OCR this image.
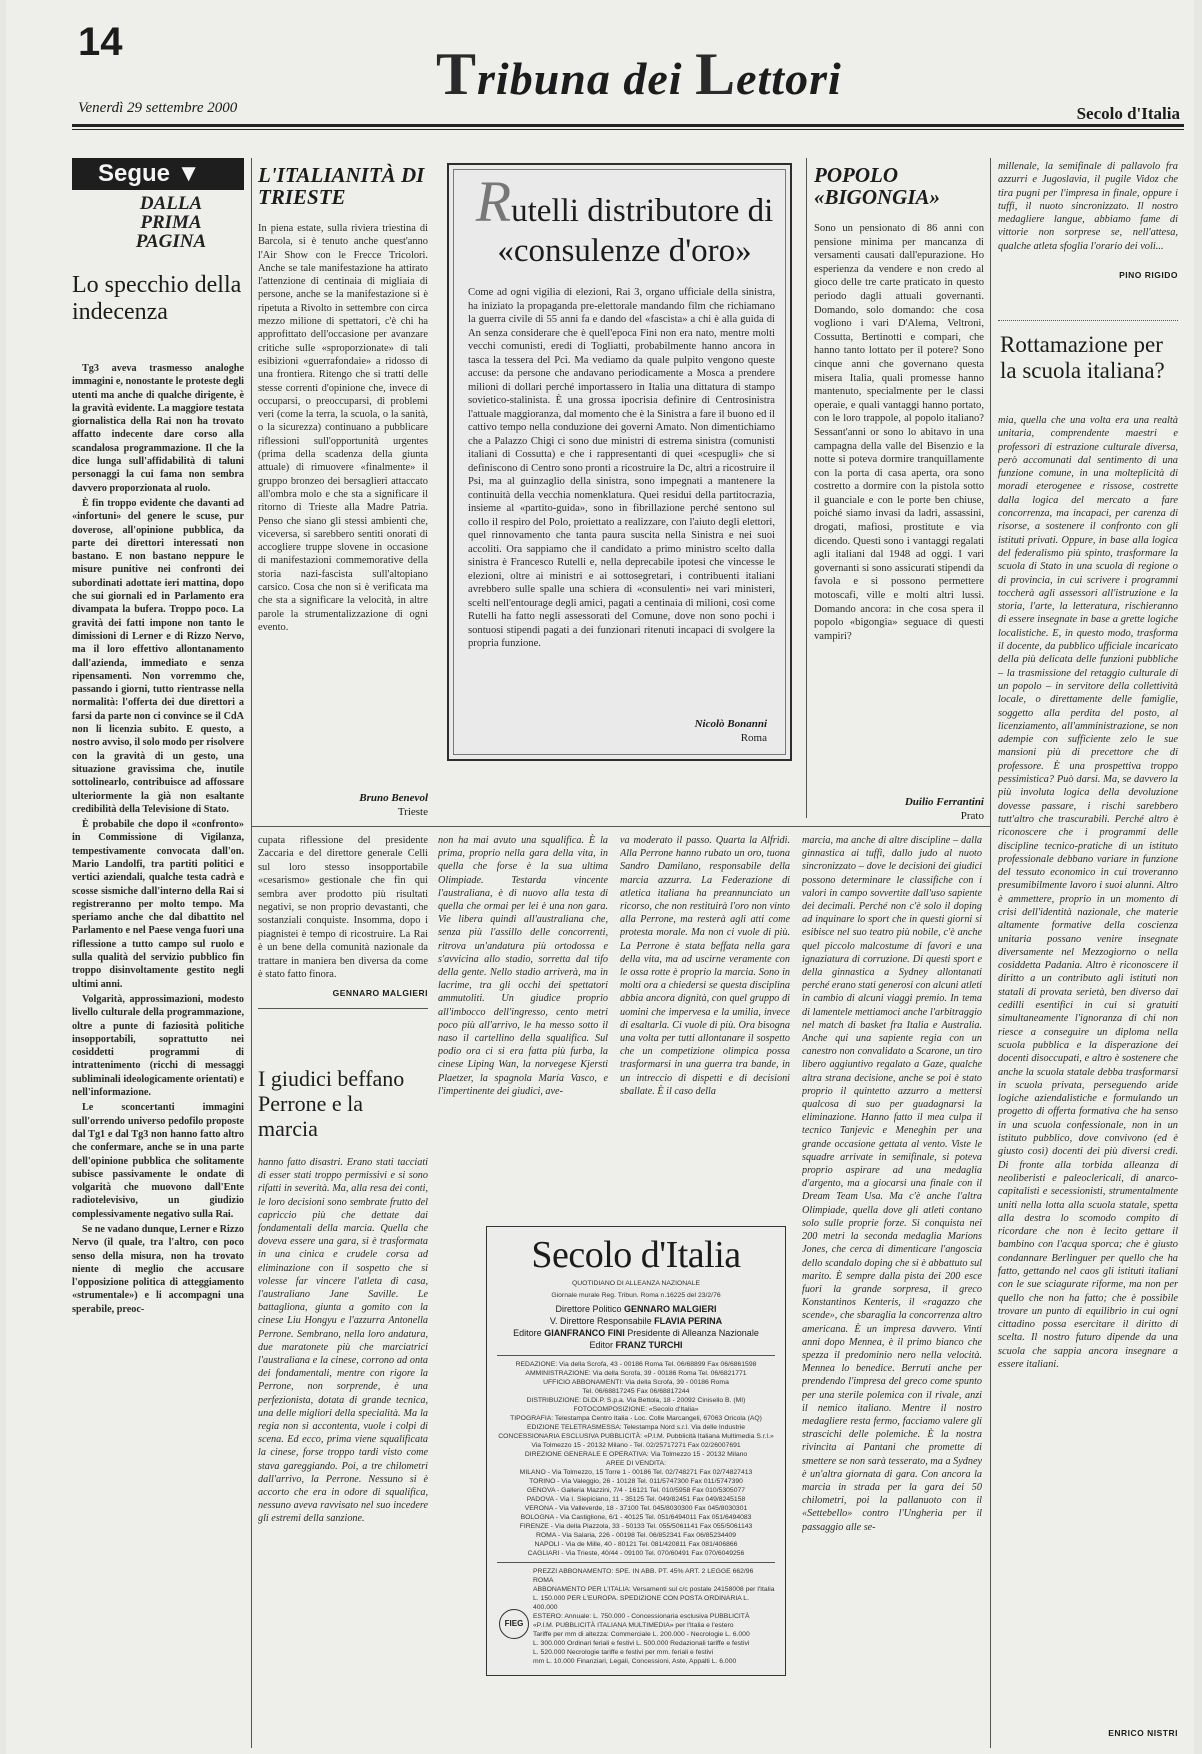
14	Tribuna dei Lettori
Venerdì 29 settembre 2000	Secolo d'Italia
Segue ▼
DALLA PRIMA PAGINA
Lo specchio della indecenza

Tg3 aveva trasmesso analoghe immagini e, nonostante le proteste degli utenti ma anche di qualche dirigente, è la gravità evidente. La maggiore testata giornalistica della Rai non ha trovato affatto indecente dare corso alla scandalosa programmazione. Il che la dice lunga sull'affidabilità di taluni personaggi la cui fama non sembra davvero proporzionata al ruolo.

È fin troppo evidente che davanti ad «infortuni» del genere le scuse, pur doverose, all'opinione pubblica, da parte dei direttori interessati non bastano. E non bastano neppure le misure punitive nei confronti dei subordinati adottate ieri mattina, dopo che sui giornali ed in Parlamento era divampata la bufera. Troppo poco. La gravità dei fatti impone non tanto le dimissioni di Lerner e di Rizzo Nervo, ma il loro effettivo allontanamento dall'azienda, immediato e senza ripensamenti. Non vorremmo che, passando i giorni, tutto rientrasse nella normalità: l'offerta dei due direttori a farsi da parte non ci convince se il CdA non li licenzia subito. E questo, a nostro avviso, il solo modo per risolvere con la gravità di un gesto, una situazione gravissima che, inutile sottolinearlo, contribuisce ad affossare ulteriormente la già non esaltante credibilità della Televisione di Stato.

È probabile che dopo il «confronto» in Commissione di Vigilanza, tempestivamente convocata dall'on. Mario Landolfi, tra partiti politici e vertici aziendali, qualche testa cadrà e scosse sismiche dall'interno della Rai si registreranno per molto tempo. Ma speriamo anche che dal dibattito nel Parlamento e nel Paese venga fuori una riflessione a tutto campo sul ruolo e sulla qualità del servizio pubblico fin troppo disinvoltamente gestito negli ultimi anni.

Volgarità, approssimazioni, modesto livello culturale della programmazione, oltre a punte di faziosità politiche insopportabili, soprattutto nei cosiddetti programmi di intrattenimento (ricchi di messaggi subliminali ideologicamente orientati) e nell'informazione.

Le sconcertanti immagini sull'orrendo universo pedofilo proposte dal Tg1 e dal Tg3 non hanno fatto altro che confermare, anche se in una parte dell'opinione pubblica che solitamente subisce passivamente le ondate di volgarità che muovono dall'Ente radiotelevisivo, un giudizio complessivamente negativo sulla Rai.

Se ne vadano dunque, Lerner e Rizzo Nervo (il quale, tra l'altro, con poco senso della misura, non ha trovato niente di meglio che accusare l'opposizione politica di atteggiamento «strumentale») e li accompagni una sperabile, preoc-

L'ITALIANITÀ DI TRIESTE
In piena estate, sulla riviera triestina di Barcola, si è tenuto anche quest'anno l'Air Show con le Frecce Tricolori. Anche se tale manifestazione ha attirato l'attenzione di centinaia di migliaia di persone, anche se la manifestazione si è ripetuta a Rivolto in settembre con circa mezzo milione di spettatori, c'è chi ha approfittato dell'occasione per avanzare critiche sulle «sproporzionate» di tali esibizioni «guerrafondaie» a ridosso di una frontiera. Ritengo che si tratti delle stesse correnti d'opinione che, invece di occuparsi, o preoccuparsi, di problemi veri (come la terra, la scuola, o la sanità, o la sicurezza) continuano a pubblicare riflessioni sull'opportunità urgentes (prima della scadenza della giunta attuale) di rimuovere «finalmente» il gruppo bronzeo dei bersaglieri attaccato all'ombra molo e che sta a significare il ritorno di Trieste alla Madre Patria. Penso che siano gli stessi ambienti che, viceversa, si sarebbero sentiti onorati di accogliere truppe slovene in occasione di manifestazioni commemorative della storia nazi-fascista sull'altopiano carsico. Cosa che non si è verificata ma che sta a significare la velocità, in altre parole la strumentalizzazione di ogni evento.
Bruno Benevol
Trieste
Rutelli distributore di «consulenze d'oro»
Come ad ogni vigilia di elezioni, Rai 3, organo ufficiale della sinistra, ha iniziato la propaganda pre-elettorale mandando film che richiamano la guerra civile di 55 anni fa e dando del «fascista» a chi è alla guida di An senza considerare che è quell'epoca Fini non era nato, mentre molti vecchi comunisti, eredi di Togliatti, probabilmente hanno ancora in tasca la tessera del Pci. Ma vediamo da quale pulpito vengono queste accuse: da persone che andavano periodicamente a Mosca a prendere milioni di dollari perché importassero in Italia una dittatura di stampo sovietico-stalinista. È una grossa ipocrisia definire di Centrosinistra l'attuale maggioranza, dal momento che è la Sinistra a fare il buono ed il cattivo tempo nella conduzione dei governi Amato. Non dimentichiamo che a Palazzo Chigi ci sono due ministri di estrema sinistra (comunisti italiani di Cossutta) e che i rappresentanti di quei «cespugli» che si definiscono di Centro sono pronti a ricostruire la Dc, altri a ricostruire il Psi, ma al guinzaglio della sinistra, sono impegnati a mantenere la continuità della vecchia nomenklatura. Quei residui della partitocrazia, insieme al «partito-guida», sono in fibrillazione perché sentono sul collo il respiro del Polo, proiettato a realizzare, con l'aiuto degli elettori, quel rinnovamento che tanta paura suscita nella Sinistra e nei suoi accoliti. Ora sappiamo che il candidato a primo ministro scelto dalla sinistra è Francesco Rutelli e, nella deprecabile ipotesi che vincesse le elezioni, oltre ai ministri e ai sottosegretari, i contribuenti italiani avrebbero sulle spalle una schiera di «consulenti» nei vari ministeri, scelti nell'entourage degli amici, pagati a centinaia di milioni, così come Rutelli ha fatto negli assessorati del Comune, dove non sono pochi i sontuosi stipendi pagati a dei funzionari ritenuti incapaci di svolgere la propria funzione.
Nicolò Bonanni
Roma
POPOLO «BIGONGIA»
Sono un pensionato di 86 anni con pensione minima per mancanza di versamenti causati dall'epurazione. Ho esperienza da vendere e non credo al gioco delle tre carte praticato in questo periodo dagli attuali governanti. Domando, solo domando: che cosa vogliono i vari D'Alema, Veltroni, Cossutta, Bertinotti e compari, che hanno tanto lottato per il potere? Sono cinque anni che governano questa misera Italia, quali promesse hanno mantenuto, specialmente per le classi operaie, e quali vantaggi hanno portato, con le loro trappole, al popolo italiano? Sessant'anni or sono lo abitavo in una campagna della valle del Bisenzio e la notte si poteva dormire tranquillamente con la porta di casa aperta, ora sono costretto a dormire con la pistola sotto il guanciale e con le porte ben chiuse, poiché siamo invasi da ladri, assassini, drogati, mafiosi, prostitute e via dicendo. Questi sono i vantaggi regalati agli italiani dal 1948 ad oggi. I vari governanti si sono assicurati stipendi da favola e si possono permettere motoscafi, ville e molti altri lussi. Domando ancora: in che cosa spera il popolo «bigongia» seguace di questi vampiri?
Duilio Ferrantini
Prato
millenale, la semifinale di pallavolo fra azzurri e Jugoslavia, il pugile Vidoz che tira pugni per l'impresa in finale, oppure i tuffi, il nuoto sincronizzato. Il nostro medagliere langue, abbiamo fame di vittorie non sorprese se, nell'attesa, qualche atleta sfoglia l'orario dei voli...
PINO RIGIDO
Rottamazione per la scuola italiana?
mia, quella che una volta era una realtà unitaria, comprendente maestri e professori di estrazione culturale diversa, però accomunati dal sentimento di una funzione comune, in una molteplicità di moradi eterogenee e rissose, costrette dalla logica del mercato a fare concorrenza, ma incapaci, per carenza di risorse, a sostenere il confronto con gli istituti privati. Oppure, in base alla logica del federalismo più spinto, trasformare la scuola di Stato in una scuola di regione o di provincia, in cui scrivere i programmi toccherà agli assessori all'istruzione e la storia, l'arte, la letteratura, rischieranno di essere insegnate in base a grette logiche localistiche. E, in questo modo, trasforma il docente, da pubblico ufficiale incaricato della più delicata delle funzioni pubbliche – la trasmissione del retaggio culturale di un popolo – in servitore della collettività locale, o direttamente delle famiglie, soggetto alla perdita del posto, al licenziamento, all'amministrazione, se non adempie con sufficiente zelo le sue mansioni più di precettore che di professore. È una prospettiva troppo pessimistica? Può darsi. Ma, se davvero la più involuta logica della devoluzione dovesse passare, i rischi sarebbero tutt'altro che trascurabili. Perché altro è riconoscere che i programmi delle discipline tecnico-pratiche di un istituto professionale debbano variare in funzione del tessuto economico in cui troveranno presumibilmente lavoro i suoi alunni. Altro è ammettere, proprio in un momento di crisi dell'identità nazionale, che materie altamente formative della coscienza unitaria possano venire insegnate diversamente nel Mezzogiorno o nella cosiddetta Padania. Altro è riconoscere il diritto a un contributo agli istituti non statali di provata serietà, ben diverso dai cedilli esentifici in cui si gratuiti simultaneamente l'ignoranza di chi non riesce a conseguire un diploma nella scuola pubblica e la disperazione dei docenti disoccupati, e altro è sostenere che anche la scuola statale debba trasformarsi in scuola privata, perseguendo aride logiche aziendalistiche e formulando un progetto di offerta formativa che ha senso in una scuola confessionale, non in un istituto pubblico, dove convivono (ed è giusto così) docenti dei più diversi credi. Di fronte alla torbida alleanza di neoliberisti e paleoclericali, di anarco-capitalisti e secessionisti, strumentalmente uniti nella lotta alla scuola statale, spetta alla destra lo scomodo compito di ricordare che non è lecito gettare il bambino con l'acqua sporca; che è giusto condannare Berlinguer per quello che ha fatto, gettando nel caos gli istituti italiani con le sue sciagurate riforme, ma non per quello che non ha fatto; che è possibile trovare un punto di equilibrio in cui ogni cittadino possa esercitare il diritto di scelta. Il nostro futuro dipende da una scuola che sappia ancora insegnare a essere italiani.
ENRICO NISTRI
cupata riflessione del presidente Zaccaria e del direttore generale Celli sul loro stesso insopportabile «cesarismo» gestionale che fin qui sembra aver prodotto più risultati negativi, se non proprio devastanti, che sostanziali conquiste. Insomma, dopo i piagnistei è tempo di ricostruire. La Rai è un bene della comunità nazionale da trattare in maniera ben diversa da come è stato fatto finora.
GENNARO MALGIERI
I giudici beffano Perrone e la marcia
hanno fatto disastri. Erano stati tacciati di esser stati troppo permissivi e si sono rifatti in severità. Ma, alla resa dei conti, le loro decisioni sono sembrate frutto del capriccio più che dettate dai fondamentali della marcia. Quella che doveva essere una gara, si è trasformata in una cinica e crudele corsa ad eliminazione con il sospetto che si volesse far vincere l'atleta di casa, l'australiano Jane Saville. Le battagliona, giunta a gomito con la cinese Liu Hongyu e l'azzurra Antonella Perrone. Sembrano, nella loro andatura, due maratonete più che marciatrici l'australiana e la cinese, corrono ad onta dei fondamentali, mentre con rigore la Perrone, non sorprende, è una perfezionista, dotata di grande tecnica, una delle migliori della specialità. Ma la regia non si accontenta, vuole i colpi di scena. Ed ecco, prima viene squalificata la cinese, forse troppo tardi visto come stava gareggiando. Poi, a tre chilometri dall'arrivo, la Perrone. Nessuno si è accorto che era in odore di squalifica, nessuno aveva ravvisato nel suo incedere gli estremi della sanzione.
non ha mai avuto una squalifica. È la prima, proprio nella gara della vita, in quella che forse è la sua ultima Olimpiade. Testarda vincente l'australiana, è di nuovo alla testa di quella che ormai per lei è una non gara. Vie libera quindi all'australiana che, senza più l'assillo delle concorrenti, ritrova un'andatura più ortodossa e s'avvicina allo stadio, sorretta dal tifo della gente. Nello stadio arriverà, ma in lacrime, tra gli occhi dei spettatori ammutoliti. Un giudice proprio all'imbocco dell'ingresso, cento metri poco più all'arrivo, le ha messo sotto il naso il cartellino della squalifica. Sul podio ora ci si era fatta più furba, la cinese Liping Wan, la norvegese Kjersti Plaetzer, la spagnola María Vasco, e l'impertinente dei giudici, ave-
va moderato il passo. Quarta la Alfridi. Alla Perrone hanno rubato un oro, tuona Sandro Damilano, responsabile della marcia azzurra. La Federazione di atletica italiana ha preannunciato un ricorso, che non restituirà l'oro non vinto alla Perrone, ma resterà agli atti come protesta morale. Ma non ci vuole di più. La Perrone è stata beffata nella gara della vita, ma ad uscirne veramente con le ossa rotte è proprio la marcia. Sono in molti ora a chiedersi se questa disciplina abbia ancora dignità, con quel gruppo di uomini che impervesa e la umilia, invece di esaltarla. Ci vuole di più. Ora bisogna una volta per tutti allontanare il sospetto che un competizione olimpica possa trasformarsi in una guerra tra bande, in un intreccio di dispetti e di decisioni sballate. È il caso della
marcia, ma anche di altre discipline – dalla ginnastica ai tuffi, dallo judo al nuoto sincronizzato – dove le decisioni dei giudici possono determinare le classifiche con i valori in campo sovvertite dall'uso sapiente dei decimali. Perché non c'è solo il doping ad inquinare lo sport che in questi giorni si esibisce nel suo teatro più nobile, c'è anche quel piccolo malcostume di favori e una ignaziatura di corruzione. Di questi sport e della ginnastica a Sydney allontanati perché erano stati generosi con alcuni atleti in cambio di alcuni viaggi premio. In tema di lamentele mettiamoci anche l'arbitraggio nel match di basket fra Italia e Australia. Anche qui una sapiente regia con un canestro non convalidato a Scarone, un tiro libero aggiuntivo regalato a Gaze, qualche altra strana decisione, anche se poi è stato proprio il quintetto azzurro a mettersi qualcosa di suo per guadagnarsi la eliminazione. Hanno fatto il mea culpa il tecnico Tanjevic e Meneghin per una grande occasione gettata al vento. Viste le squadre arrivate in semifinale, si poteva proprio aspirare ad una medaglia d'argento, ma a giocarsi una finale con il Dream Team Usa. Ma c'è anche l'altra Olimpiade, quella dove gli atleti contano solo sulle proprie forze. Si conquista nei 200 metri la seconda medaglia Marions Jones, che cerca di dimenticare l'angoscia dello scandalo doping che si è abbattuto sul marito. È sempre dalla pista dei 200 esce fuori la grande sorpresa, il greco Konstantinos Kenteris, il «ragazzo che scende», che sbaraglia la concorrenza altro americana. È un impresa davvero. Vinti anni dopo Mennea, è il primo bianco che spezza il predominio nero nella velocità. Mennea lo benedice. Berruti anche per prendendo l'impresa del greco come spunto per una sterile polemica con il rivale, anzi il nemico italiano. Mentre il nostro medagliere resta fermo, facciamo valere gli strascichi delle polemiche. È la nostra rivincita ai Pantani che promette di smettere se non sarà tesserato, ma a Sydney è un'altra giornata di gara. Con ancora la marcia in strada per la gara dei 50 chilometri, poi la pallanuoto con il «Settebello» contro l'Ungheria per il passaggio alle se-
Secolo d'Italia
QUOTIDIANO DI ALLEANZA NAZIONALE
Giornale murale Reg. Tribun. Roma n.16225 del 23/2/76
Direttore Politico GENNARO MALGIERI
V. Direttore Responsabile FLAVIA PERINA
Editore GIANFRANCO FINI Presidente di Alleanza Nazionale
Editor FRANZ TURCHI
REDAZIONE: Via della Scrofa, 43 - 00186 Roma Tel. 06/68899 Fax 06/6861598
AMMINISTRAZIONE: Via della Scrofa, 39 - 00186 Roma Tel. 06/6821771
UFFICIO ABBONAMENTI: Via della Scrofa, 39 - 00186 Roma
Tel. 06/68817245 Fax 06/68817244
DISTRIBUZIONE: Di.Di.P. S.p.a. Via Bettola, 18 - 20092 Cinisello B. (MI)
FOTOCOMPOSIZIONE: «Secolo d'Italia»
TIPOGRAFIA: Telestampa Centro Italia - Loc. Colle Marcangeli, 67063 Oricola (AQ)
EDIZIONE TELETRASMESSA: Telestampa Nord s.r.l. Via delle Industrie
CONCESSIONARIA ESCLUSIVA PUBBLICITÀ: «P.I.M. Pubblicità Italiana Multimedia S.r.l.»
Via Tolmezzo 15 - 20132 Milano - Tel. 02/25717271 Fax 02/26007691
DIREZIONE GENERALE E OPERATIVA: Via Tolmezzo 15 - 20132 Milano
AREE DI VENDITA:
MILANO - Via Tolmezzo, 15 Torre 1 - 00186 Tel. 02/748271 Fax 02/74827413
TORINO - Via Valeggio, 26 - 10128 Tel. 011/5747300 Fax 011/5747390
GENOVA - Galleria Mazzini, 7/4 - 16121 Tel. 010/5958 Fax 010/5305077
PADOVA - Via I. Siepiciano, 11 - 35125 Tel. 049/82451 Fax 049/8245158
VERONA - Via Valleverde, 18 - 37100 Tel. 045/8030300 Fax 045/8030301
BOLOGNA - Via Castiglione, 6/1 - 40125 Tel. 051/6494011 Fax 051/6494083
FIRENZE - Via della Piazzola, 33 - 50133 Tel. 055/5061141 Fax 055/5061143
ROMA - Via Salaria, 226 - 00198 Tel. 06/852341 Fax 06/85234409
NAPOLI - Via de Mille, 40 - 80121 Tel. 081/420811 Fax 081/406866
CAGLIARI - Via Trieste, 40/44 - 09100 Tel. 070/60491 Fax 070/6049256
PREZZI ABBONAMENTO: SPE. IN ABB. PT. 45% ART. 2 LEGGE 662/96 ROMA
ABBONAMENTO PER L'ITALIA: Versamenti sul c/c postale 24158008 per l'Italia
L. 150.000 PER L'EUROPA. SPEDIZIONE CON POSTA ORDINARIA L. 400.000
ESTERO: Annuale: L. 750.000 - Concessionaria esclusiva PUBBLICITÀ
«P.I.M. PUBBLICITÀ ITALIANA MULTIMEDIA» per l'Italia e l'estero
Tariffe per mm di altezza: Commerciale L. 200.000 - Necrologie L. 6.000
L. 300.000 Ordinari feriali e festivi L. 500.000 Redazionali tariffe e festivi
L. 520.000 Necrologie tariffe e festivi per mm. feriali e festivi
mm L. 10.000 Finanziari, Legali, Concessioni, Aste, Appalti L. 6.000
FIEG
